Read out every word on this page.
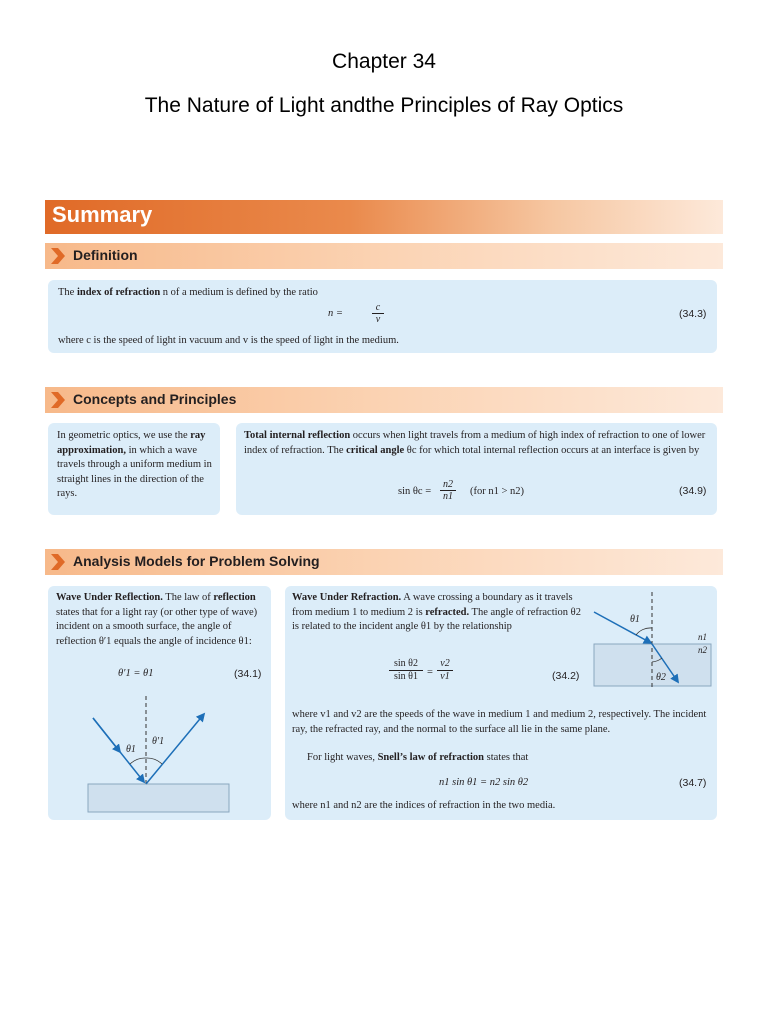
Chapter 34
The Nature of Light andthe Principles of Ray Optics
Summary
Definition
The index of refraction n of a medium is defined by the ratio
n =
c
v	(34.3)
where c is the speed of light in vacuum and v is the speed of light in the medium.
Concepts and Principles
In geometric optics, we use the ray approximation, in which a wave travels through a uniform medium in straight lines in the direction of the rays.
Total internal reflection occurs when light travels from a medium of high index of refraction to one of lower index of refraction. The critical angle θc for which total internal reflection occurs at an interface is given by
sin θc =
n2
n1 (for n1 > n2)	(34.9)
Analysis Models for Problem Solving
Wave Under Reflection. The law of reflection states that for a light ray (or other type of wave) incident on a smooth surface, the angle of reflection θ′1 equals the angle of incidence θ1:
θ′1 = θ1	(34.1)
θ1
θ′1
Wave Under Refraction. A wave crossing a boundary as it travels from medium 1 to medium 2 is refracted. The angle of refraction θ2 is related to the incident angle θ1 by the relationship
sin θ2
sin θ1 =
v2
v1	(34.2)
θ1
θ2
n1
n2
where v1 and v2 are the speeds of the wave in medium 1 and medium 2, respectively. The incident ray, the refracted ray, and the normal to the surface all lie in the same plane.
For light waves, Snell’s law of refraction states that
n1 sin θ1 = n2 sin θ2	(34.7)
where n1 and n2 are the indices of refraction in the two media.
